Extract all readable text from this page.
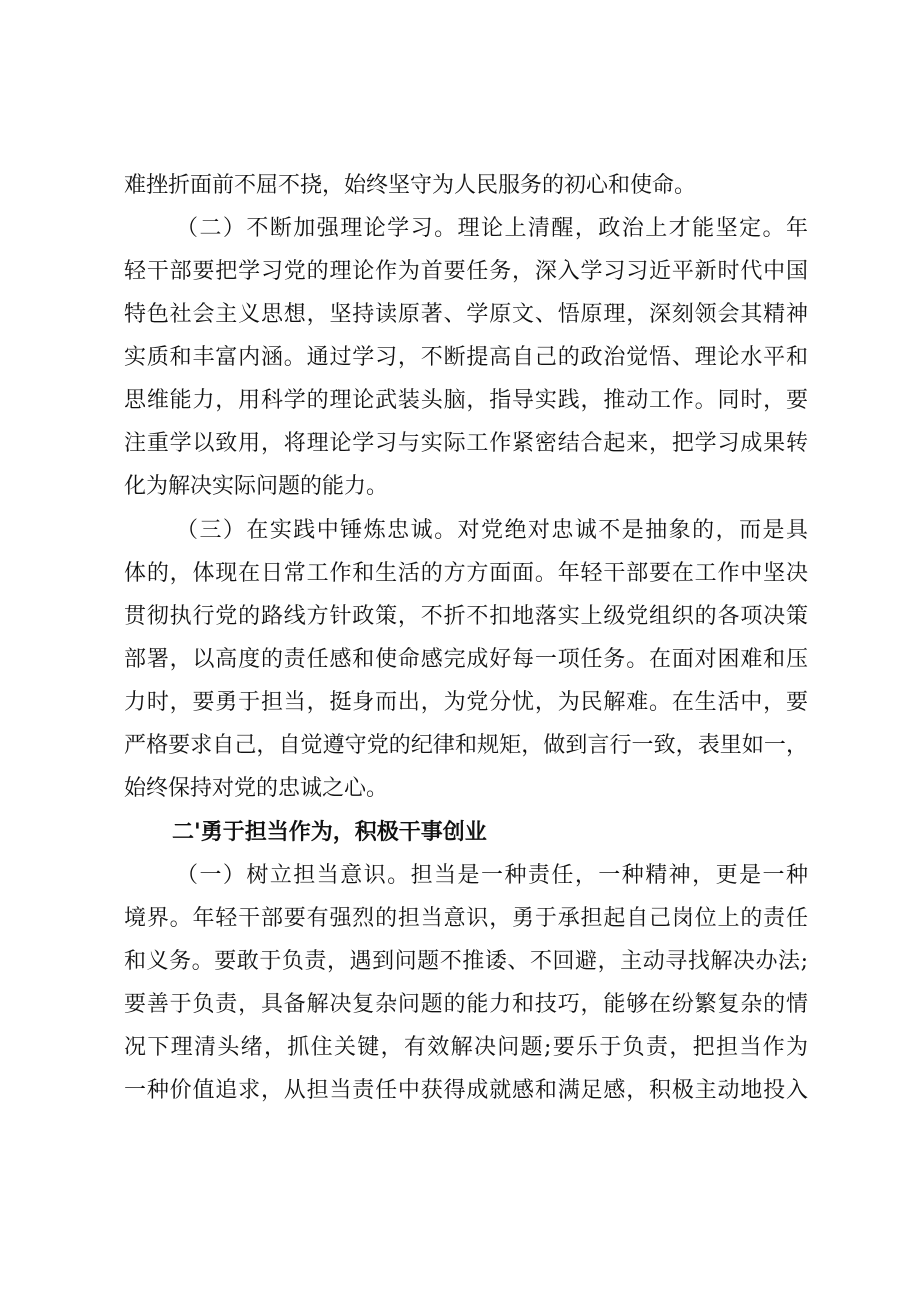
难挫折面前不屈不挠，始终坚守为人民服务的初心和使命。
（二）不断加强理论学习。理论上清醒，政治上才能坚定。年
轻干部要把学习党的理论作为首要任务，深入学习习近平新时代中国
特色社会主义思想，坚持读原著、学原文、悟原理，深刻领会其精神
实质和丰富内涵。通过学习，不断提高自己的政治觉悟、理论水平和
思维能力，用科学的理论武装头脑，指导实践，推动工作。同时，要
注重学以致用，将理论学习与实际工作紧密结合起来，把学习成果转
化为解决实际问题的能力。
（三）在实践中锤炼忠诚。对党绝对忠诚不是抽象的，而是具
体的，体现在日常工作和生活的方方面面。年轻干部要在工作中坚决
贯彻执行党的路线方针政策，不折不扣地落实上级党组织的各项决策
部署，以高度的责任感和使命感完成好每一项任务。在面对困难和压
力时，要勇于担当，挺身而出，为党分忧，为民解难。在生活中，要
严格要求自己，自觉遵守党的纪律和规矩，做到言行一致，表里如一，
始终保持对党的忠诚之心。
二'勇于担当作为，积极干事创业
（一）树立担当意识。担当是一种责任，一种精神，更是一种
境界。年轻干部要有强烈的担当意识，勇于承担起自己岗位上的责任
和义务。要敢于负责，遇到问题不推诿、不回避，主动寻找解决办法;
要善于负责，具备解决复杂问题的能力和技巧，能够在纷繁复杂的情
况下理清头绪，抓住关键，有效解决问题;要乐于负责，把担当作为
一种价值追求，从担当责任中获得成就感和满足感，积极主动地投入
